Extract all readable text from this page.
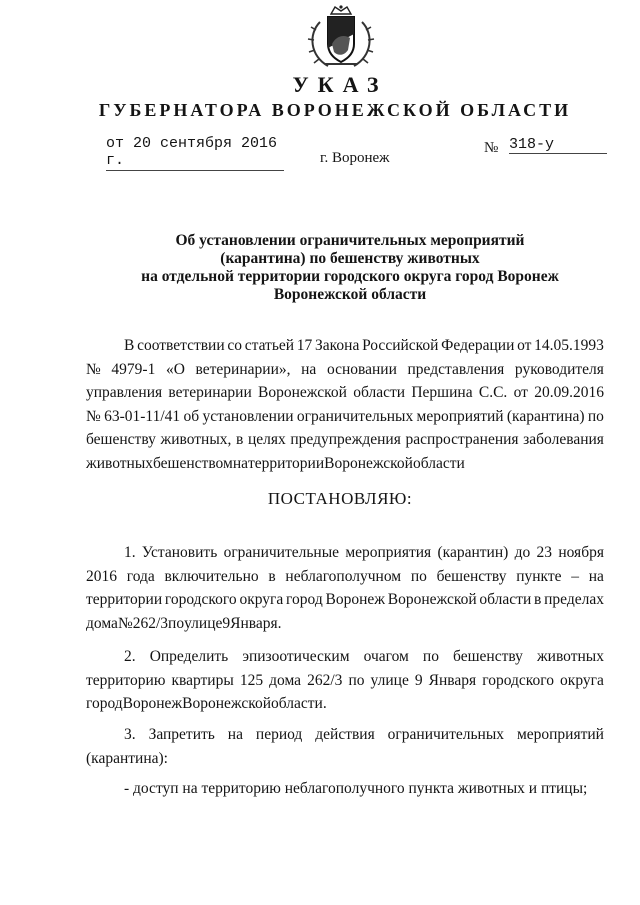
УКАЗ
ГУБЕРНАТОРА ВОРОНЕЖСКОЙ ОБЛАСТИ
от 20 сентября 2016 г.
№ 318-у
г. Воронеж
Об установлении ограничительных мероприятий
(карантина) по бешенству животных
на отдельной территории городского округа город Воронеж
Воронежской области
В соответствии со статьей 17 Закона Российской Федерации от 14.05.1993
№ 4979-1 «О ветеринарии», на основании представления руководителя
управления ветеринарии Воронежской области Першина С.С. от 20.09.2016
№ 63-01-11/41 об установлении ограничительных мероприятий (карантина) по
бешенству животных, в целях предупреждения распространения заболевания
животных бешенством на территории Воронежской области
ПОСТАНОВЛЯЮ:
1. Установить ограничительные мероприятия (карантин) до 23 ноября
2016 года включительно в неблагополучном по бешенству пункте – на
территории городского округа город Воронеж Воронежской области в пределах
дома № 262/3 по улице 9 Января.
2. Определить эпизоотическим очагом по бешенству животных
территорию квартиры 125 дома 262/3 по улице 9 Января городского округа
город Воронеж Воронежской области.
3. Запретить на период действия ограничительных мероприятий
(карантина):
- доступ на территорию неблагополучного пункта животных и птицы;
